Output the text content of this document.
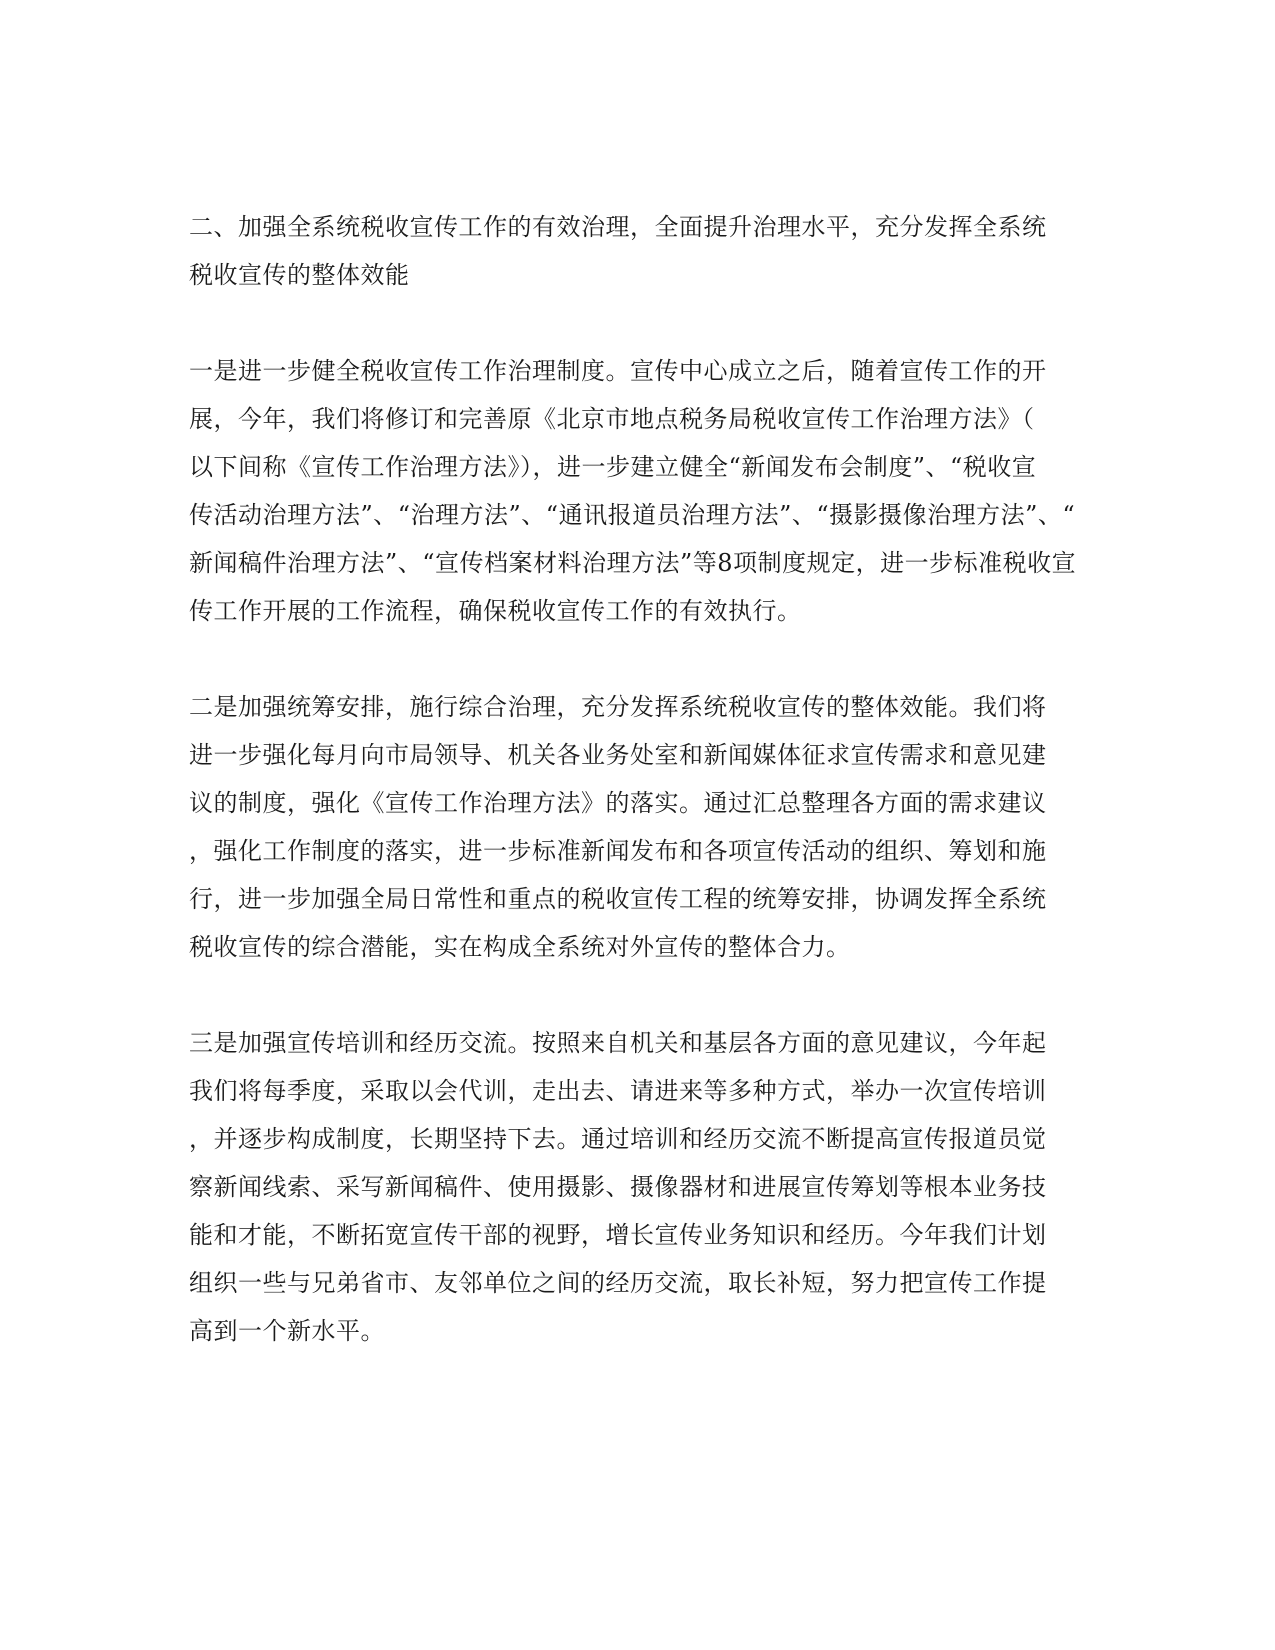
二、加强全系统税收宣传工作的有效治理，全面提升治理水平，充分发挥全系统
税收宣传的整体效能
一是进一步健全税收宣传工作治理制度。宣传中心成立之后，随着宣传工作的开
展，今年，我们将修订和完善原《北京市地点税务局税收宣传工作治理方法》（
以下间称《宣传工作治理方法》），进一步建立健全“新闻发布会制度”、“税收宣
传活动治理方法”、“治理方法”、“通讯报道员治理方法”、“摄影摄像治理方法”、“
新闻稿件治理方法”、“宣传档案材料治理方法”等8项制度规定，进一步标准税收宣
传工作开展的工作流程，确保税收宣传工作的有效执行。
二是加强统筹安排，施行综合治理，充分发挥系统税收宣传的整体效能。我们将
进一步强化每月向市局领导、机关各业务处室和新闻媒体征求宣传需求和意见建
议的制度，强化《宣传工作治理方法》的落实。通过汇总整理各方面的需求建议
，强化工作制度的落实，进一步标准新闻发布和各项宣传活动的组织、筹划和施
行，进一步加强全局日常性和重点的税收宣传工程的统筹安排，协调发挥全系统
税收宣传的综合潜能，实在构成全系统对外宣传的整体合力。
三是加强宣传培训和经历交流。按照来自机关和基层各方面的意见建议，今年起
我们将每季度，采取以会代训，走出去、请进来等多种方式，举办一次宣传培训
，并逐步构成制度，长期坚持下去。通过培训和经历交流不断提高宣传报道员觉
察新闻线索、采写新闻稿件、使用摄影、摄像器材和进展宣传筹划等根本业务技
能和才能，不断拓宽宣传干部的视野，增长宣传业务知识和经历。今年我们计划
组织一些与兄弟省市、友邻单位之间的经历交流，取长补短，努力把宣传工作提
高到一个新水平。
